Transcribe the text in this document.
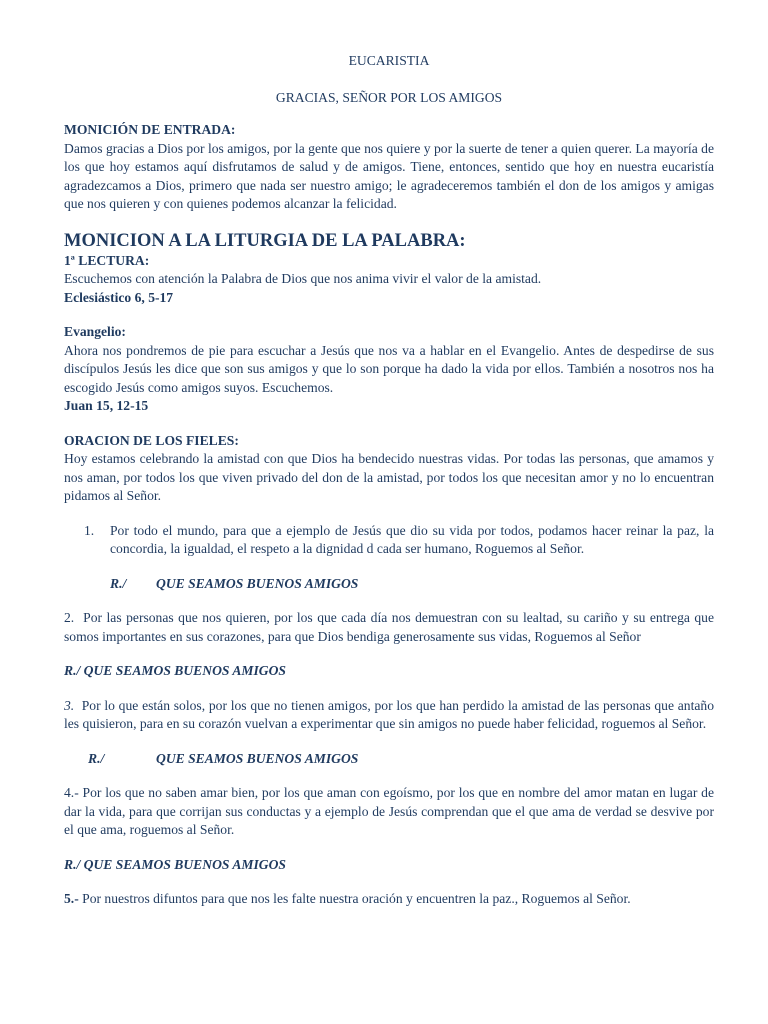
EUCARISTIA

GRACIAS, SEÑOR POR LOS AMIGOS

MONICIÓN DE ENTRADA:

Damos gracias a Dios por los amigos, por la gente que nos quiere y por la suerte de tener a quien querer. La mayoría de los que hoy estamos aquí disfrutamos de salud y de amigos. Tiene, entonces, sentido que hoy en nuestra eucaristía agradezcamos a Dios, primero que nada ser nuestro amigo; le agradeceremos también el don de los amigos y amigas que nos quieren y con quienes podemos alcanzar la felicidad.

MONICION A LA LITURGIA DE LA PALABRA:

1ª LECTURA:

Escuchemos con atención la Palabra de Dios que nos anima vivir el valor de la amistad.

Eclesiástico 6, 5-17

Evangelio:

Ahora nos pondremos de pie para escuchar a Jesús que nos va a hablar en el Evangelio. Antes de despedirse de sus discípulos Jesús les dice que son sus amigos y que lo son porque ha dado la vida por ellos. También a nosotros nos ha escogido Jesús como amigos suyos. Escuchemos.

Juan 15, 12-15

ORACION DE LOS FIELES:

Hoy estamos celebrando la amistad con que Dios ha bendecido nuestras vidas. Por todas las personas, que amamos y nos aman, por todos los que viven privado del don de la amistad, por todos los que necesitan amor y no lo encuentran pidamos al Señor.

1.	Por todo el mundo, para que a ejemplo de Jesús que dio su vida por todos, podamos hacer reinar la paz, la concordia, la igualdad, el respeto a la dignidad d cada ser humano, Roguemos al Señor.

R./ QUE SEAMOS BUENOS AMIGOS

2. Por las personas que nos quieren, por los que cada día nos demuestran con su lealtad, su cariño y su entrega que somos importantes en sus corazones, para que Dios bendiga generosamente sus vidas, Roguemos al Señor

R./ QUE SEAMOS BUENOS AMIGOS

3. Por lo que están solos, por los que no tienen amigos, por los que han perdido la amistad de las personas que antaño les quisieron, para en su corazón vuelvan a experimentar que sin amigos no puede haber felicidad, roguemos al Señor.

R./	QUE SEAMOS BUENOS AMIGOS

4.- Por los que no saben amar bien, por los que aman con egoísmo, por los que en nombre del amor matan en lugar de dar la vida, para que corrijan sus conductas y a ejemplo de Jesús comprendan que el que ama de verdad se desvive por el que ama, roguemos al Señor.

R./ QUE SEAMOS BUENOS AMIGOS

5.- Por nuestros difuntos para que nos les falte nuestra oración y encuentren la paz., Roguemos al Señor.
